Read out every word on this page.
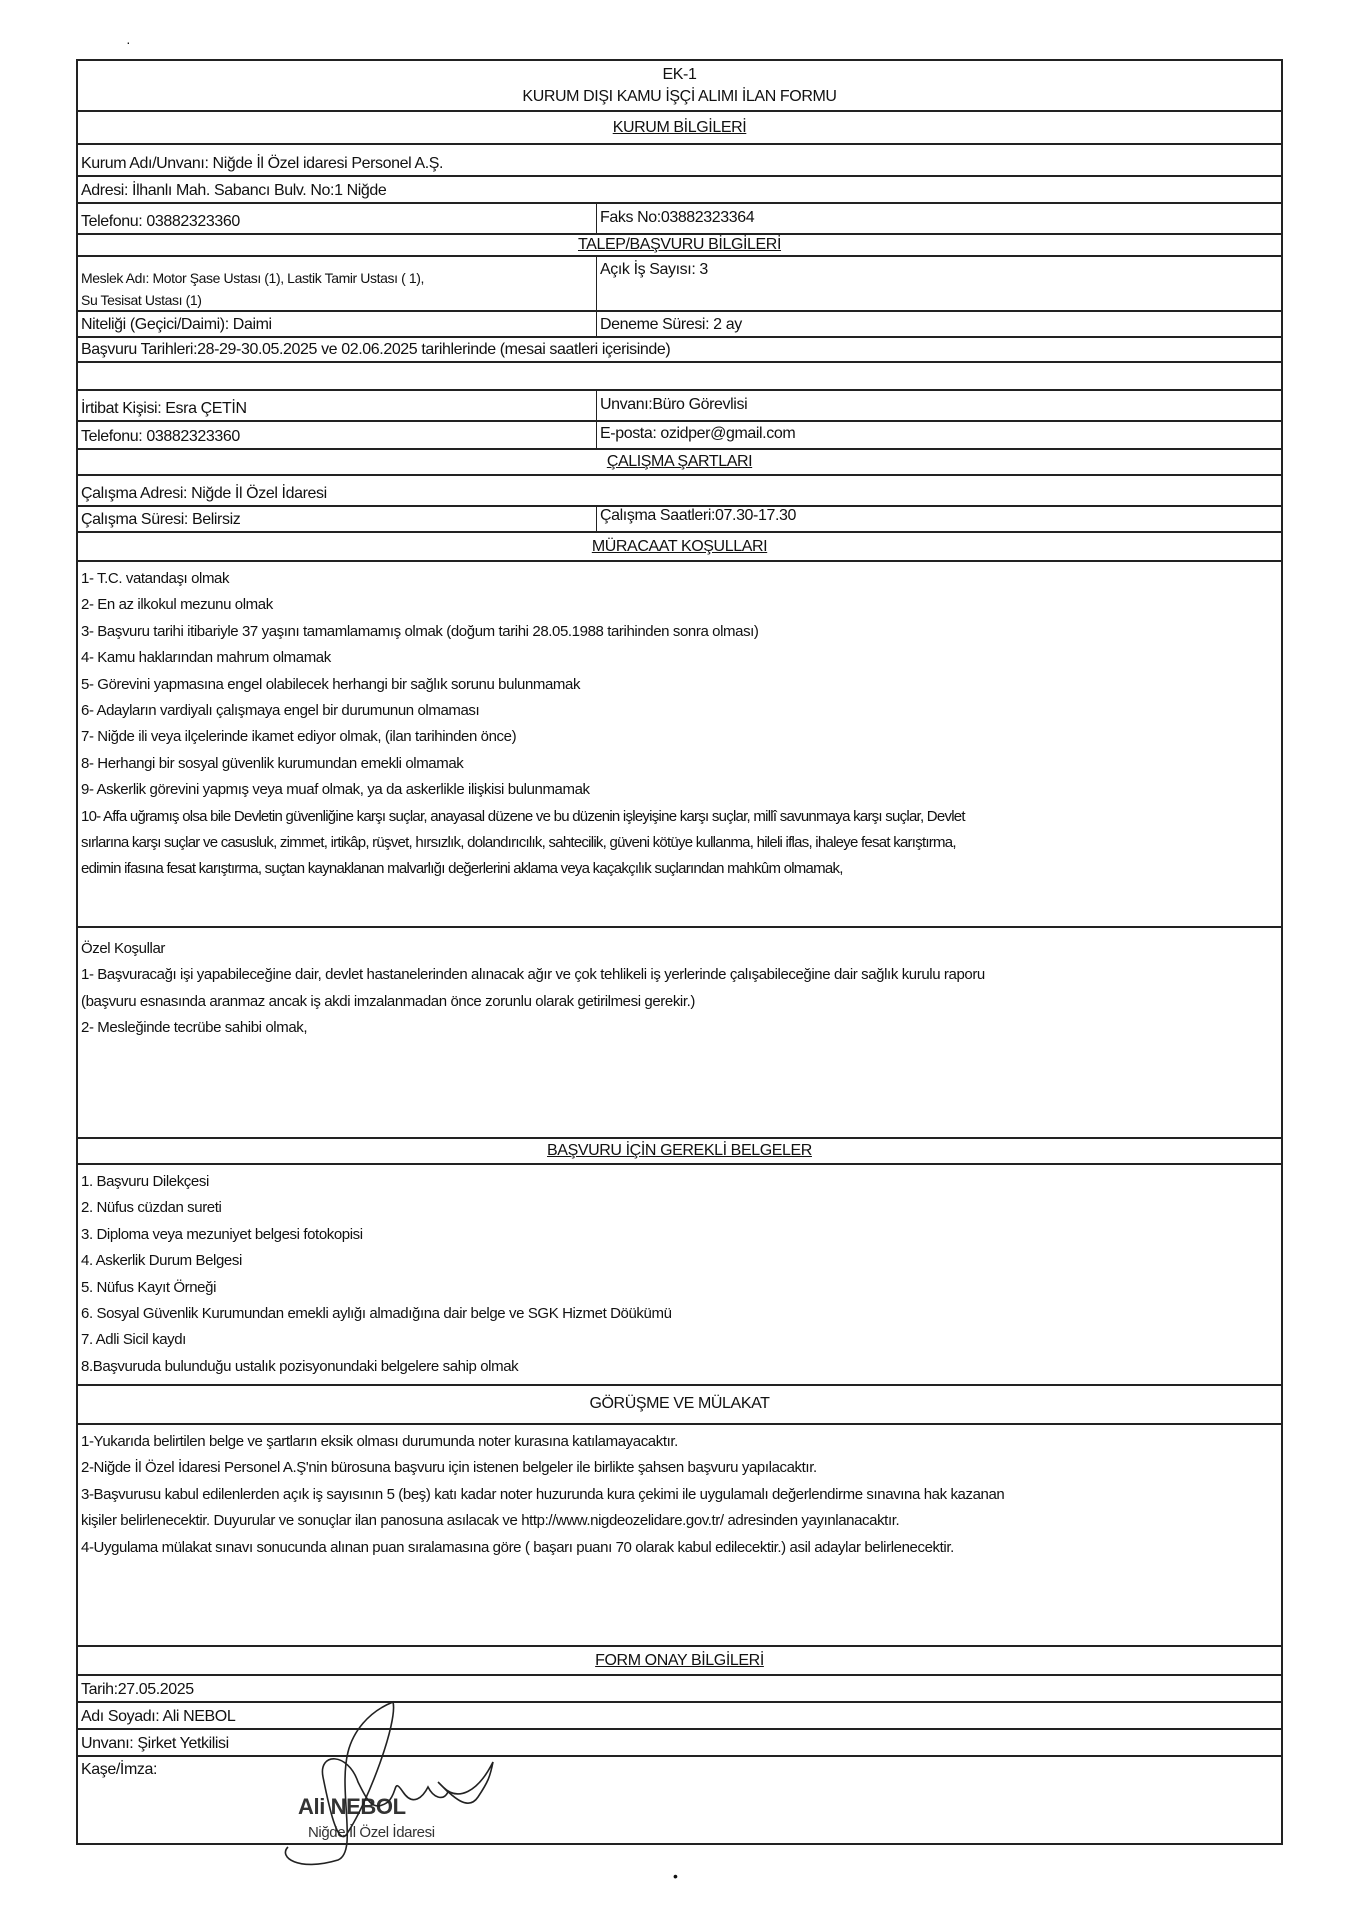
·
EK-1
KURUM DIŞI KAMU İŞÇİ ALIMI İLAN FORMU
KURUM BİLGİLERİ
Kurum Adı/Unvanı: Niğde İl Özel idaresi Personel A.Ş.
Adresi: İlhanlı Mah. Sabancı Bulv. No:1 Niğde
Telefonu: 03882323360	Faks No:03882323364
TALEP/BAŞVURU BİLGİLERİ
Meslek Adı: Motor Şase Ustası (1), Lastik Tamir Ustası ( 1),
Su Tesisat Ustası (1)
Açık İş Sayısı: 3
Niteliği (Geçici/Daimi): Daimi	Deneme Süresi: 2 ay
Başvuru Tarihleri:28-29-30.05.2025 ve 02.06.2025 tarihlerinde (mesai saatleri içerisinde)
İrtibat Kişisi: Esra ÇETİN	Unvanı:Büro Görevlisi
Telefonu: 03882323360	E-posta: ozidper@gmail.com
ÇALIŞMA ŞARTLARI
Çalışma Adresi: Niğde İl Özel İdaresi
Çalışma Süresi: Belirsiz	Çalışma Saatleri:07.30-17.30
MÜRACAAT KOŞULLARI
1- T.C. vatandaşı olmak
2- En az ilkokul mezunu olmak
3- Başvuru tarihi itibariyle 37 yaşını tamamlamamış olmak (doğum tarihi 28.05.1988 tarihinden sonra olması)
4- Kamu haklarından mahrum olmamak
5- Görevini yapmasına engel olabilecek herhangi bir sağlık sorunu bulunmamak
6- Adayların vardiyalı çalışmaya engel bir durumunun olmaması
7- Niğde ili veya ilçelerinde ikamet ediyor olmak, (ilan tarihinden önce)
8- Herhangi bir sosyal güvenlik kurumundan emekli olmamak
9- Askerlik görevini yapmış veya muaf olmak, ya da askerlikle ilişkisi bulunmamak
10- Affa uğramış olsa bile Devletin güvenliğine karşı suçlar, anayasal düzene ve bu düzenin işleyişine karşı suçlar, millî savunmaya karşı suçlar, Devlet
sırlarına karşı suçlar ve casusluk, zimmet, irtikâp, rüşvet, hırsızlık, dolandırıcılık, sahtecilik, güveni kötüye kullanma, hileli iflas, ihaleye fesat karıştırma,
edimin ifasına fesat karıştırma, suçtan kaynaklanan malvarlığı değerlerini aklama veya kaçakçılık suçlarından mahkûm olmamak,
Özel Koşullar
1- Başvuracağı işi yapabileceğine dair, devlet hastanelerinden alınacak ağır ve çok tehlikeli iş yerlerinde çalışabileceğine dair sağlık kurulu raporu
(başvuru esnasında aranmaz ancak iş akdi imzalanmadan önce zorunlu olarak getirilmesi gerekir.)
2- Mesleğinde tecrübe sahibi olmak,
BAŞVURU İÇİN GEREKLİ BELGELER
1. Başvuru Dilekçesi
2. Nüfus cüzdan sureti
3. Diploma veya mezuniyet belgesi fotokopisi
4. Askerlik Durum Belgesi
5. Nüfus Kayıt Örneği
6. Sosyal Güvenlik Kurumundan emekli aylığı almadığına dair belge ve SGK Hizmet Döükümü
7. Adli Sicil kaydı
8.Başvuruda bulunduğu ustalık pozisyonundaki belgelere sahip olmak
GÖRÜŞME VE MÜLAKAT
1-Yukarıda belirtilen belge ve şartların eksik olması durumunda noter kurasına katılamayacaktır.
2-Niğde İl Özel İdaresi Personel A.Ş'nin bürosuna başvuru için istenen belgeler ile birlikte şahsen başvuru yapılacaktır.
3-Başvurusu kabul edilenlerden açık iş sayısının 5 (beş) katı kadar noter huzurunda kura çekimi ile uygulamalı değerlendirme sınavına hak kazanan
kişiler belirlenecektir. Duyurular ve sonuçlar ilan panosuna asılacak ve http://www.nigdeozelidare.gov.tr/ adresinden yayınlanacaktır.
4-Uygulama mülakat sınavı sonucunda alınan puan sıralamasına göre ( başarı puanı 70 olarak kabul edilecektir.) asil adaylar belirlenecektir.
FORM ONAY BİLGİLERİ
Tarih:27.05.2025
Adı Soyadı: Ali NEBOL
Unvanı: Şirket Yetkilisi
Kaşe/İmza:
Ali NEBOL
Niğde İl Özel İdaresi
•
